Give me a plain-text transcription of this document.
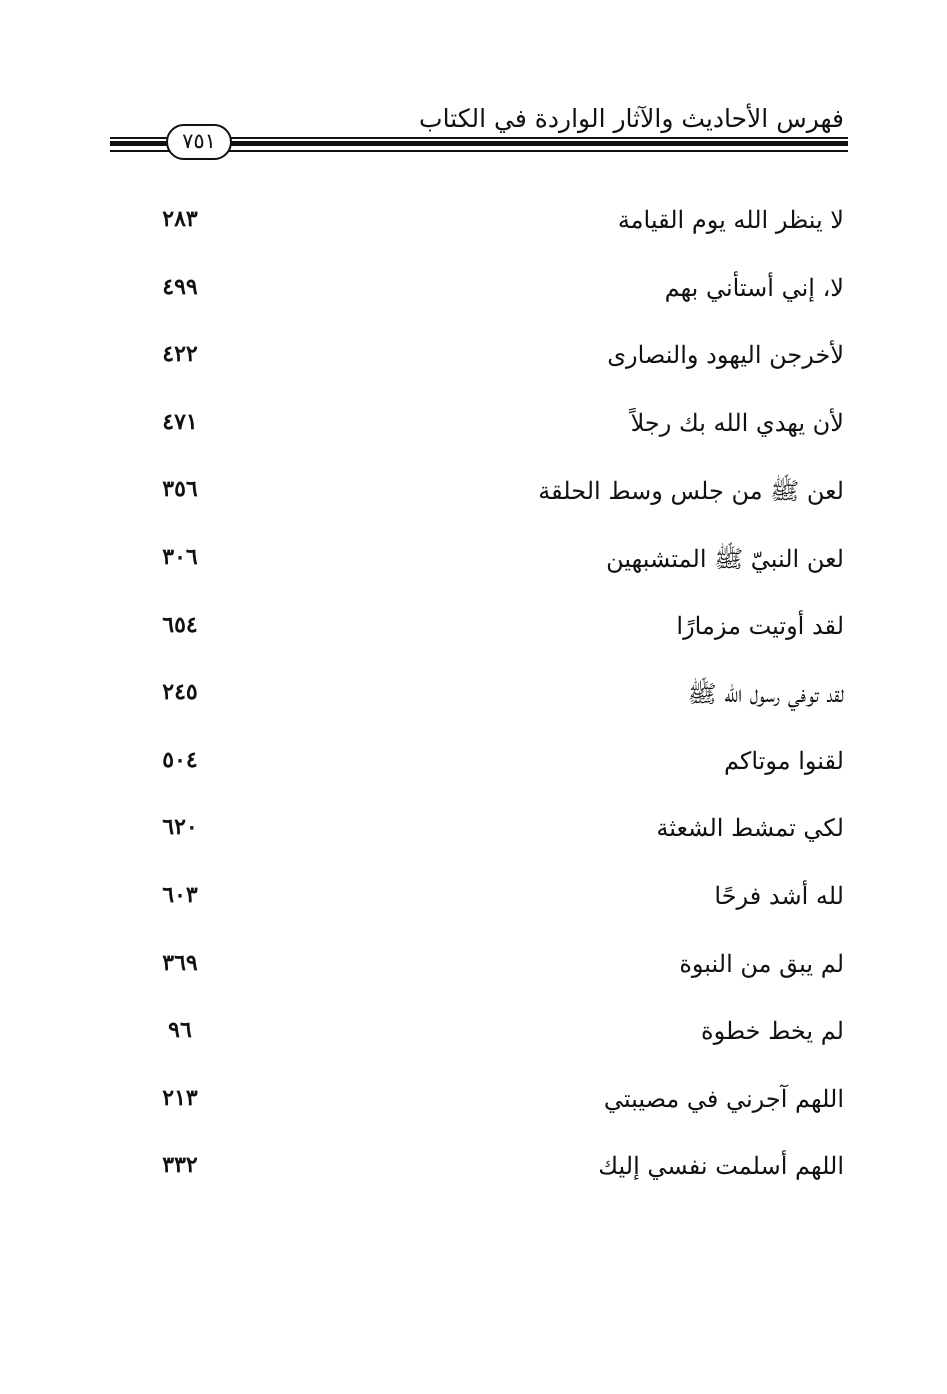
فهرس الأحاديث والآثار الواردة في الكتاب
٧٥١
لا ينظر الله يوم القيامة
٢٨٣
لا، إني أستأني بهم
٤٩٩
لأخرجن اليهود والنصارى
٤٢٢
لأن يهدي الله بك رجلاً
٤٧١
لعن ﷺ من جلس وسط الحلقة
٣٥٦
لعن النبيّ ﷺ المتشبهين
٣٠٦
لقد أوتيت مزمارًا
٦٥٤
لقد توفي رسول الله ﷺ
٢٤٥
لقنوا موتاكم
٥٠٤
لكي تمشط الشعثة
٦٢٠
لله أشد فرحًا
٦٠٣
لم يبق من النبوة
٣٦٩
لم يخط خطوة
٩٦
اللهم آجرني في مصيبتي
٢١٣
اللهم أسلمت نفسي إليك
٣٣٢
